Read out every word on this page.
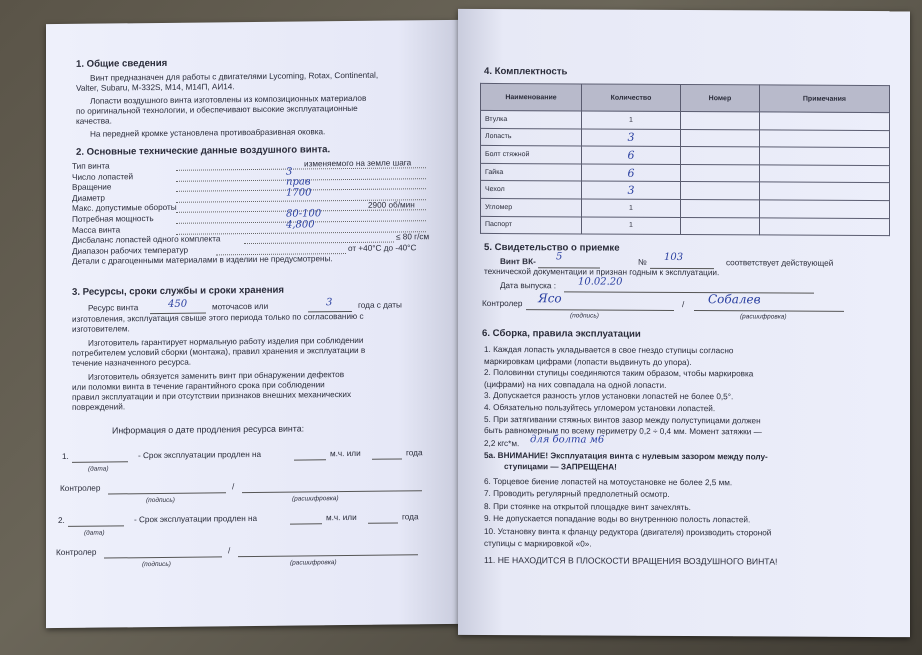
1. Общие сведения
Винт предназначен для работы с двигателями Lycoming, Rotax, Continental,
Valter, Subaru, M-332S, M14, M14П, АИ14.
Лопасти воздушного винта изготовлены из композиционных материалов
по оригинальной технологии, и обеспечивают высокие эксплуатационные
качества.
На передней кромке установлена противоабразивная оковка.
2. Основные технические данные воздушного винта.
Тип винта	изменяемого на земле шага
Число лопастей	3
Вращение	прав
Диаметр	1700
Макс. допустимые обороты	2900 об/мин
Потребная мощность	80-100
Масса винта	4,800
Дисбаланс лопастей одного комплекта	≤ 80 г/см
Диапазон рабочих температур	от +40°С до -40°С
Детали с драгоценными материалами в изделии не предусмотрены.
3. Ресурсы, сроки службы и сроки хранения
Ресурс винта	450	моточасов или	3	года с даты
изготовления, эксплуатация свыше этого периода только по согласованию с
изготовителем.
Изготовитель гарантирует нормальную работу изделия при соблюдении
потребителем условий сборки (монтажа), правил хранения и эксплуатации в
течение назначенного ресурса.
Изготовитель обязуется заменить винт при обнаружении дефектов
или поломки винта в течение гарантийного срока при соблюдении
правил эксплуатации и при отсутствии признаков внешних механических
повреждений.
Информация о дате продления ресурса винта:
1.
(дата)
- Срок эксплуатации продлен на	м.ч. или	года
Контролер	/
(подпись)	(расшифровка)
2.
(дата)
- Срок эксплуатации продлен на	м.ч. или	года
Контролер	/
(подпись)	(расшифровка)
4. Комплектность
Наименование	Количество	Номер	Примечания
Втулка	1		
Лопасть	3		
Болт стяжной	6		
Гайка	6		
Чехол	3		
Угломер	1		
Паспорт	1		
5. Свидетельство о приемке
Винт ВК- 5	№ 103
соответствует действующей
технической документации и признан годным к эксплуатации.
Дата выпуска : 10.02.20
Контролер Ясо	/ Собалев
(подпись)	(расшифровка)
6. Сборка, правила эксплуатации
1. Каждая лопасть укладывается в свое гнездо ступицы согласно
маркировкам цифрами (лопасти выдвинуть до упора).
2. Половинки ступицы соединяются таким образом, чтобы маркировка
(цифрами) на них совпадала на одной лопасти.
3. Допускается разность углов установки лопастей не более 0,5°.
4. Обязательно пользуйтесь угломером установки лопастей.
5. При затягивании стяжных винтов зазор между полуступицами должен
быть равномерным по всему периметру 0,2 ÷ 0,4 мм. Момент затяжки —
2,2 кгс*м. для болта м6
5а. ВНИМАНИЕ! Эксплуатация винта с нулевым зазором между полу-
ступицами — ЗАПРЕЩЕНА!
6. Торцевое биение лопастей на мотоустановке не более 2,5 мм.
7. Проводить регулярный предполетный осмотр.
8. При стоянке на открытой площадке винт зачехлять.
9. Не допускается попадание воды во внутреннюю полость лопастей.
10. Установку винта к фланцу редуктора (двигателя) производить стороной
ступицы с маркировкой «0».
11. НЕ НАХОДИТСЯ В ПЛОСКОСТИ ВРАЩЕНИЯ ВОЗДУШНОГО ВИНТА!
